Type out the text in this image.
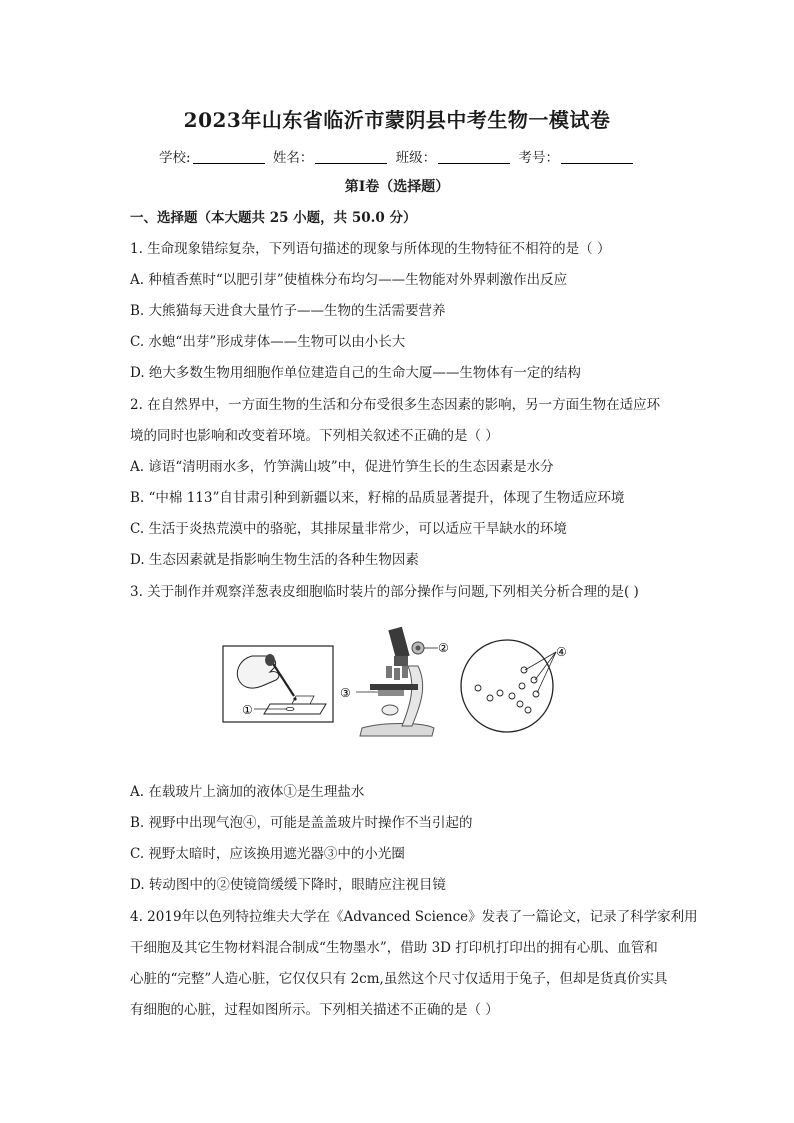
2023年山东省临沂市蒙阴县中考生物一模试卷
学校:	姓名：	班级：	考号：
第I卷（选择题）
一、选择题（本大题共 25 小题，共 50.0 分）
1. 生命现象错综复杂，下列语句描述的现象与所体现的生物特征不相符的是（ ）
A. 种植香蕉时“以肥引芽”使植株分布均匀——生物能对外界刺激作出反应
B. 大熊猫每天进食大量竹子——生物的生活需要营养
C. 水螅“出芽”形成芽体——生物可以由小长大
D. 绝大多数生物用细胞作单位建造自己的生命大厦——生物体有一定的结构
2. 在自然界中，一方面生物的生活和分布受很多生态因素的影响，另一方面生物在适应环
境的同时也影响和改变着环境。下列相关叙述不正确的是（ ）
A. 谚语“清明雨水多，竹笋满山坡”中，促进竹笋生长的生态因素是水分
B. “中棉 113”自甘肃引种到新疆以来，籽棉的品质显著提升，体现了生物适应环境
C. 生活于炎热荒漠中的骆驼，其排尿量非常少，可以适应干旱缺水的环境
D. 生态因素就是指影响生物生活的各种生物因素
3. 关于制作并观察洋葱表皮细胞临时装片的部分操作与问题,下列相关分析合理的是( )
①
②
③
④
A. 在载玻片上滴加的液体①是生理盐水
B. 视野中出现气泡④，可能是盖盖玻片时操作不当引起的
C. 视野太暗时，应该换用遮光器③中的小光圈
D. 转动图中的②使镜筒缓缓下降时，眼睛应注视目镜
4. 2019年以色列特拉维夫大学在《Advanced Science》发表了一篇论文，记录了科学家利用
干细胞及其它生物材料混合制成“生物墨水”，借助 3D 打印机打印出的拥有心肌、血管和
心脏的“完整”人造心脏，它仅仅只有 2cm,虽然这个尺寸仅适用于兔子，但却是货真价实具
有细胞的心脏，过程如图所示。下列相关描述不正确的是（ ）
